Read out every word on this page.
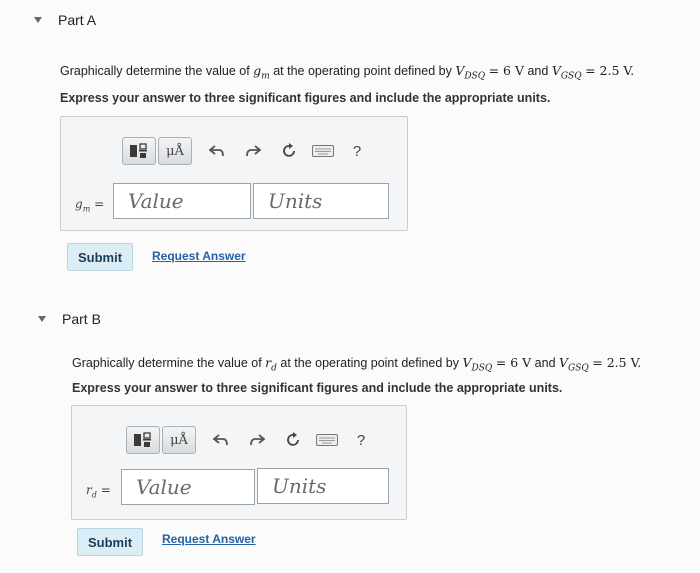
Part A
Graphically determine the value of $g_m$ at the operating point defined by $V_{DSQ} = 6$ V and $V_{GSQ} = 2.5$ V.
Express your answer to three significant figures and include the appropriate units.
μÅ	?
$g_m$ =	Value	Units
Submit	Request Answer
Part B
Graphically determine the value of $r_d$ at the operating point defined by $V_{DSQ} = 6$ V and $V_{GSQ} = 2.5$ V.
Express your answer to three significant figures and include the appropriate units.
μÅ	?
$r_d$ =	Value	Units
Submit	Request Answer
